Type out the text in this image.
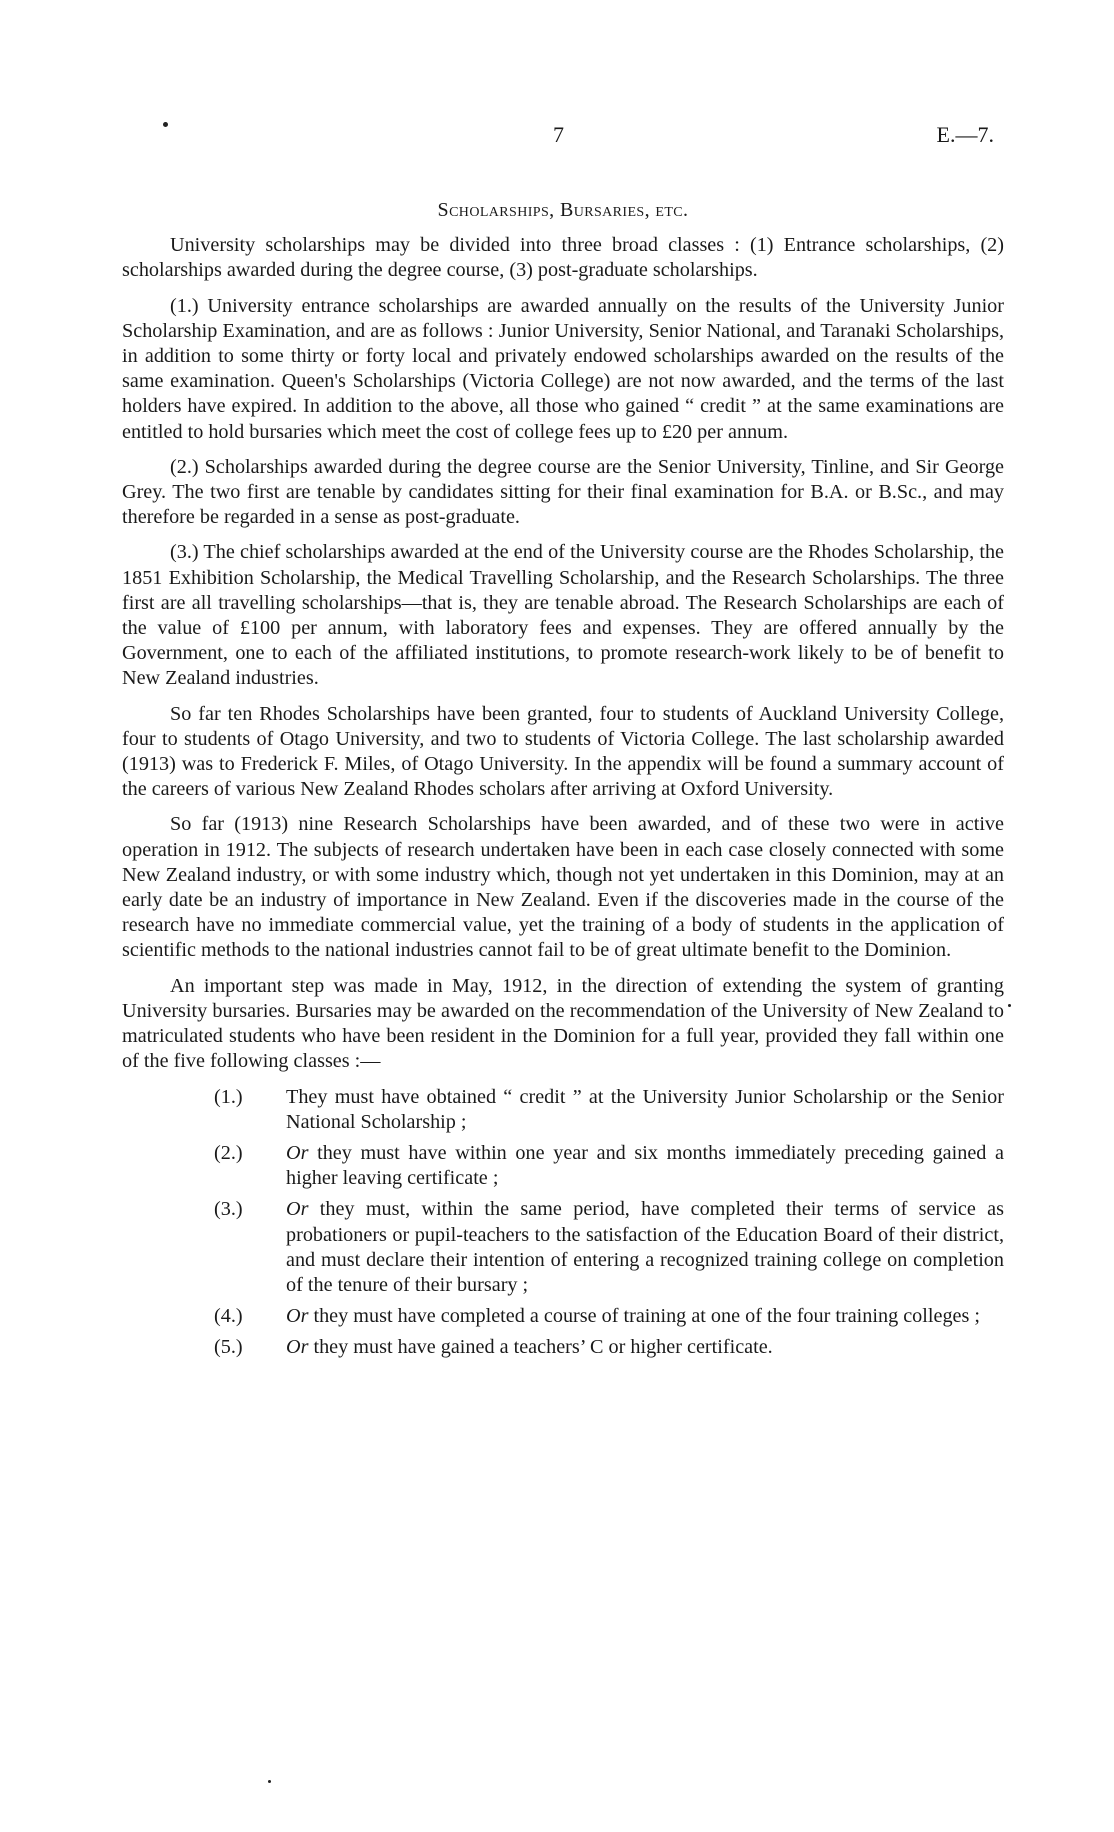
7	E.—7.
Scholarships, Bursaries, etc.

University scholarships may be divided into three broad classes : (1) Entrance scholarships, (2) scholarships awarded during the degree course, (3) post-graduate scholarships.

(1.) University entrance scholarships are awarded annually on the results of the University Junior Scholarship Examination, and are as follows : Junior University, Senior National, and Taranaki Scholarships, in addition to some thirty or forty local and privately endowed scholarships awarded on the results of the same examination. Queen's Scholarships (Victoria College) are not now awarded, and the terms of the last holders have expired. In addition to the above, all those who gained “ credit ” at the same examinations are entitled to hold bursaries which meet the cost of college fees up to £20 per annum.

(2.) Scholarships awarded during the degree course are the Senior University, Tinline, and Sir George Grey. The two first are tenable by candidates sitting for their final examination for B.A. or B.Sc., and may therefore be regarded in a sense as post-graduate.

(3.) The chief scholarships awarded at the end of the University course are the Rhodes Scholarship, the 1851 Exhibition Scholarship, the Medical Travelling Scholarship, and the Research Scholarships. The three first are all travelling scholarships—that is, they are tenable abroad. The Research Scholarships are each of the value of £100 per annum, with laboratory fees and expenses. They are offered annually by the Government, one to each of the affiliated institutions, to promote research-work likely to be of benefit to New Zealand industries.

So far ten Rhodes Scholarships have been granted, four to students of Auckland University College, four to students of Otago University, and two to students of Victoria College. The last scholarship awarded (1913) was to Frederick F. Miles, of Otago University. In the appendix will be found a summary account of the careers of various New Zealand Rhodes scholars after arriving at Oxford University.

So far (1913) nine Research Scholarships have been awarded, and of these two were in active operation in 1912. The subjects of research undertaken have been in each case closely connected with some New Zealand industry, or with some industry which, though not yet undertaken in this Dominion, may at an early date be an industry of importance in New Zealand. Even if the discoveries made in the course of the research have no immediate commercial value, yet the training of a body of students in the application of scientific methods to the national industries cannot fail to be of great ultimate benefit to the Dominion.

An important step was made in May, 1912, in the direction of extending the system of granting University bursaries. Bursaries may be awarded on the recommendation of the University of New Zealand to matriculated students who have been resident in the Dominion for a full year, provided they fall within one of the five following classes :—

(1.) They must have obtained “ credit ” at the University Junior Scholarship or the Senior National Scholarship ;
(2.) Or they must have within one year and six months immediately preceding gained a higher leaving certificate ;
(3.) Or they must, within the same period, have completed their terms of service as probationers or pupil-teachers to the satisfaction of the Education Board of their district, and must declare their intention of entering a recognized training college on completion of the tenure of their bursary ;
(4.) Or they must have completed a course of training at one of the four training colleges ;
(5.) Or they must have gained a teachers’ C or higher certificate.
